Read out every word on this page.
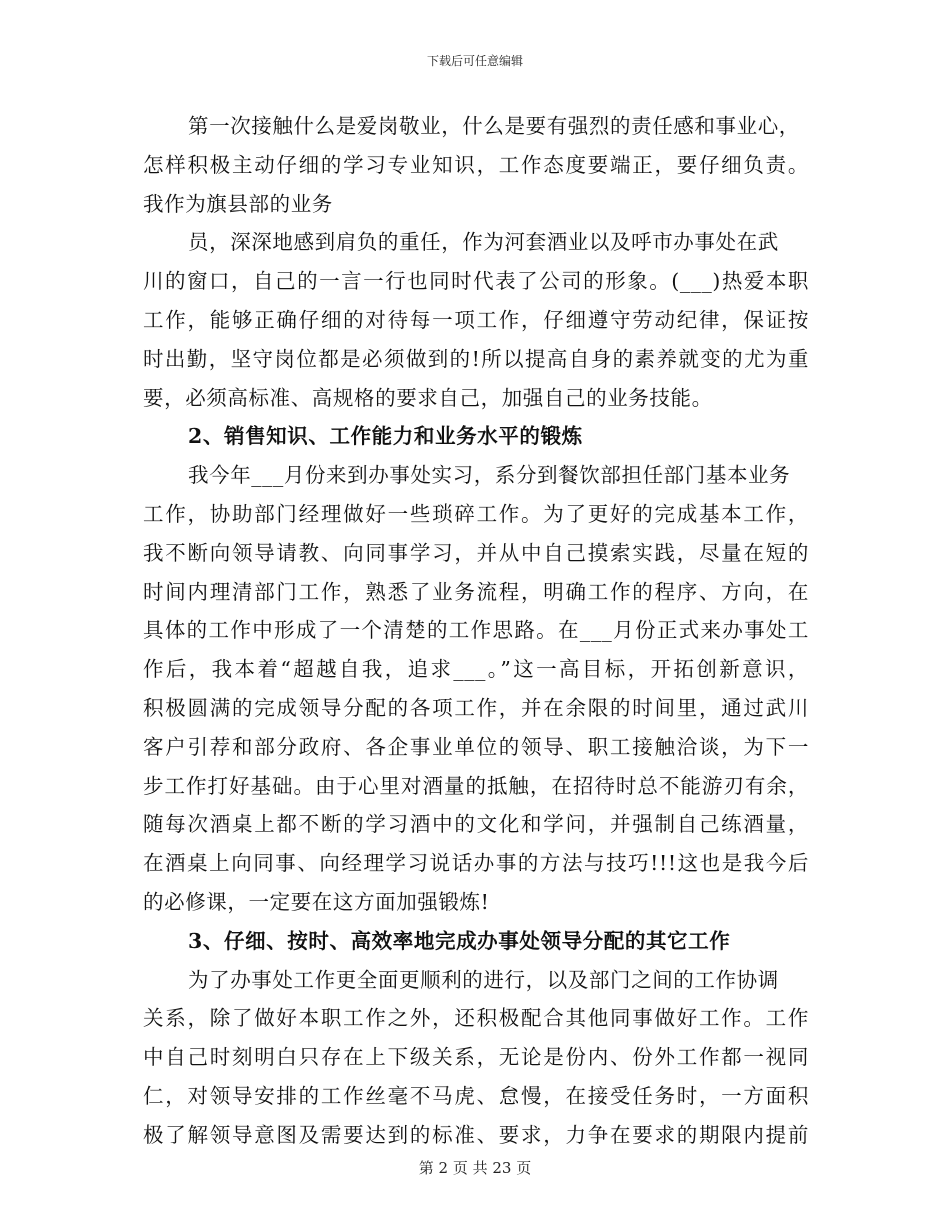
下载后可任意编辑
第一次接触什么是爱岗敬业，什么是要有强烈的责任感和事业心，
怎样积极主动仔细的学习专业知识，工作态度要端正，要仔细负责。
我作为旗县部的业务
员，深深地感到肩负的重任，作为河套酒业以及呼市办事处在武
川的窗口，自己的一言一行也同时代表了公司的形象。(___)热爱本职
工作，能够正确仔细的对待每一项工作，仔细遵守劳动纪律，保证按
时出勤，坚守岗位都是必须做到的!所以提高自身的素养就变的尤为重
要，必须高标准、高规格的要求自己，加强自己的业务技能。
2、销售知识、工作能力和业务水平的锻炼
我今年___月份来到办事处实习，系分到餐饮部担任部门基本业务
工作，协助部门经理做好一些琐碎工作。为了更好的完成基本工作，
我不断向领导请教、向同事学习，并从中自己摸索实践，尽量在短的
时间内理清部门工作，熟悉了业务流程，明确工作的程序、方向，在
具体的工作中形成了一个清楚的工作思路。在___月份正式来办事处工
作后，我本着“超越自我，追求___。”这一高目标，开拓创新意识，
积极圆满的完成领导分配的各项工作，并在余限的时间里，通过武川
客户引荐和部分政府、各企事业单位的领导、职工接触洽谈，为下一
步工作打好基础。由于心里对酒量的抵触，在招待时总不能游刃有余，
随每次酒桌上都不断的学习酒中的文化和学问，并强制自己练酒量，
在酒桌上向同事、向经理学习说话办事的方法与技巧!!!这也是我今后
的必修课，一定要在这方面加强锻炼!
3、仔细、按时、高效率地完成办事处领导分配的其它工作
为了办事处工作更全面更顺利的进行，以及部门之间的工作协调
关系，除了做好本职工作之外，还积极配合其他同事做好工作。工作
中自己时刻明白只存在上下级关系，无论是份内、份外工作都一视同
仁，对领导安排的工作丝毫不马虎、怠慢，在接受任务时，一方面积
极了解领导意图及需要达到的标准、要求，力争在要求的期限内提前
第 2 页 共 23 页
